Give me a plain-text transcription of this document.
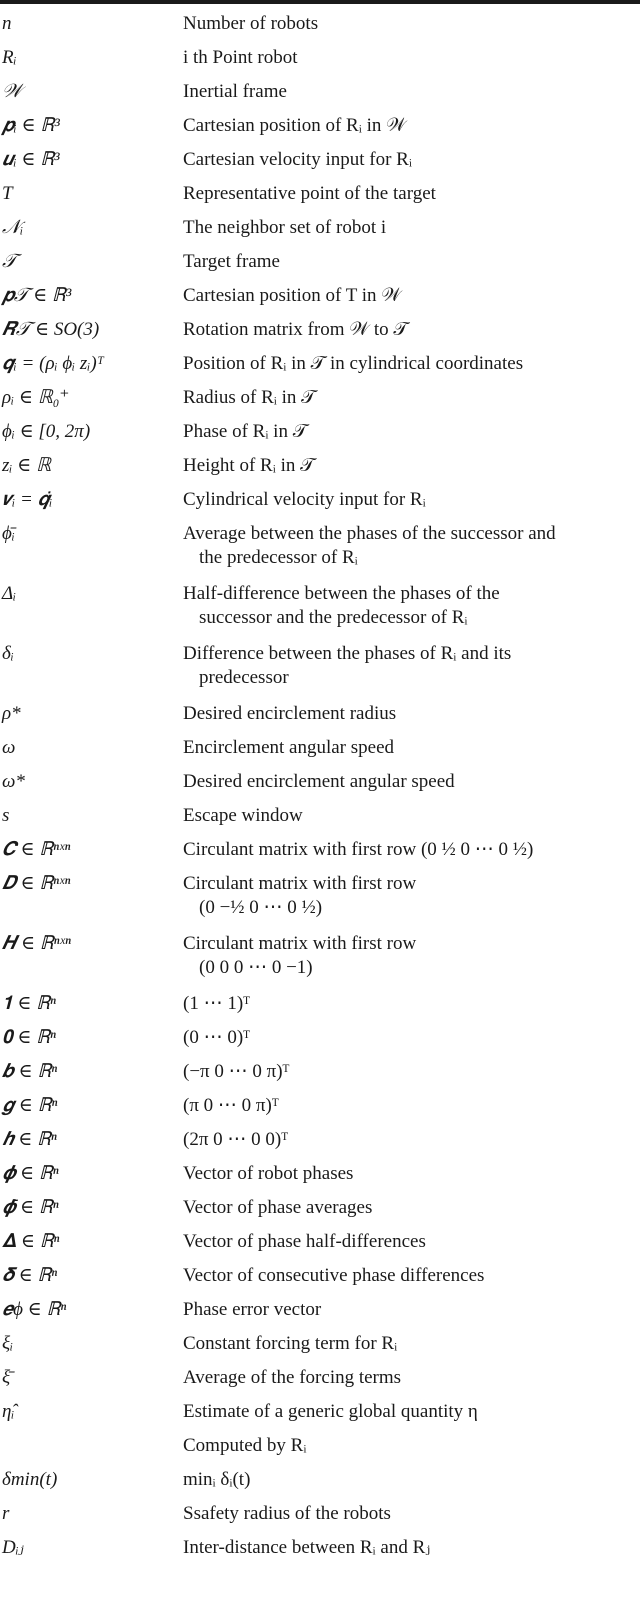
n	Number of robots
Rᵢ	i th Point robot
𝒲	Inertial frame
𝒑ᵢ ∈ ℝ³	Cartesian position of Rᵢ in 𝒲
𝒖ᵢ ∈ ℝ³	Cartesian velocity input for Rᵢ
T	Representative point of the target
𝒩ᵢ	The neighbor set of robot i
𝒯	Target frame
𝒑𝒯 ∈ ℝ³	Cartesian position of T in 𝒲
𝑹𝒯 ∈ SO(3)	Rotation matrix from 𝒲 to 𝒯
𝒒ᵢ = (ρᵢ ϕᵢ zᵢ)ᵀ	Position of Rᵢ in 𝒯 in cylindrical coordinates
ρᵢ ∈ ℝ₀⁺	Radius of Rᵢ in 𝒯
ϕᵢ ∈ [0, 2π)	Phase of Rᵢ in 𝒯
zᵢ ∈ ℝ	Height of Rᵢ in 𝒯
𝒗ᵢ = 𝒒̇ᵢ	Cylindrical velocity input for Rᵢ
ϕ̄ᵢ	Average between the phases of the successor and
the predecessor of Rᵢ
Δᵢ	Half-difference between the phases of the
successor and the predecessor of Rᵢ
δᵢ	Difference between the phases of Rᵢ and its
predecessor
ρ*	Desired encirclement radius
ω	Encirclement angular speed
ω*	Desired encirclement angular speed
s	Escape window
𝑪 ∈ ℝⁿˣⁿ	Circulant matrix with first row (0 ½ 0 ⋯ 0 ½)
𝑫 ∈ ℝⁿˣⁿ	Circulant matrix with first row
(0 −½ 0 ⋯ 0 ½)
𝑯 ∈ ℝⁿˣⁿ	Circulant matrix with first row
(0 0 0 ⋯ 0 −1)
𝟏 ∈ ℝⁿ	(1 ⋯ 1)ᵀ
𝟎 ∈ ℝⁿ	(0 ⋯ 0)ᵀ
𝒃 ∈ ℝⁿ	(−π 0 ⋯ 0 π)ᵀ
𝒈 ∈ ℝⁿ	(π 0 ⋯ 0 π)ᵀ
𝒉 ∈ ℝⁿ	(2π 0 ⋯ 0 0)ᵀ
𝝓 ∈ ℝⁿ	Vector of robot phases
𝝓̄ ∈ ℝⁿ	Vector of phase averages
𝚫 ∈ ℝⁿ	Vector of phase half-differences
𝜹 ∈ ℝⁿ	Vector of consecutive phase differences
𝒆ϕ ∈ ℝⁿ	Phase error vector
ξᵢ	Constant forcing term for Rᵢ
ξ̄	Average of the forcing terms
η̂ᵢ	Estimate of a generic global quantity η
Computed by Rᵢ
δmin(t)	minᵢ δᵢ(t)
r	Ssafety radius of the robots
Dᵢⱼ	Inter-distance between Rᵢ and Rⱼ
